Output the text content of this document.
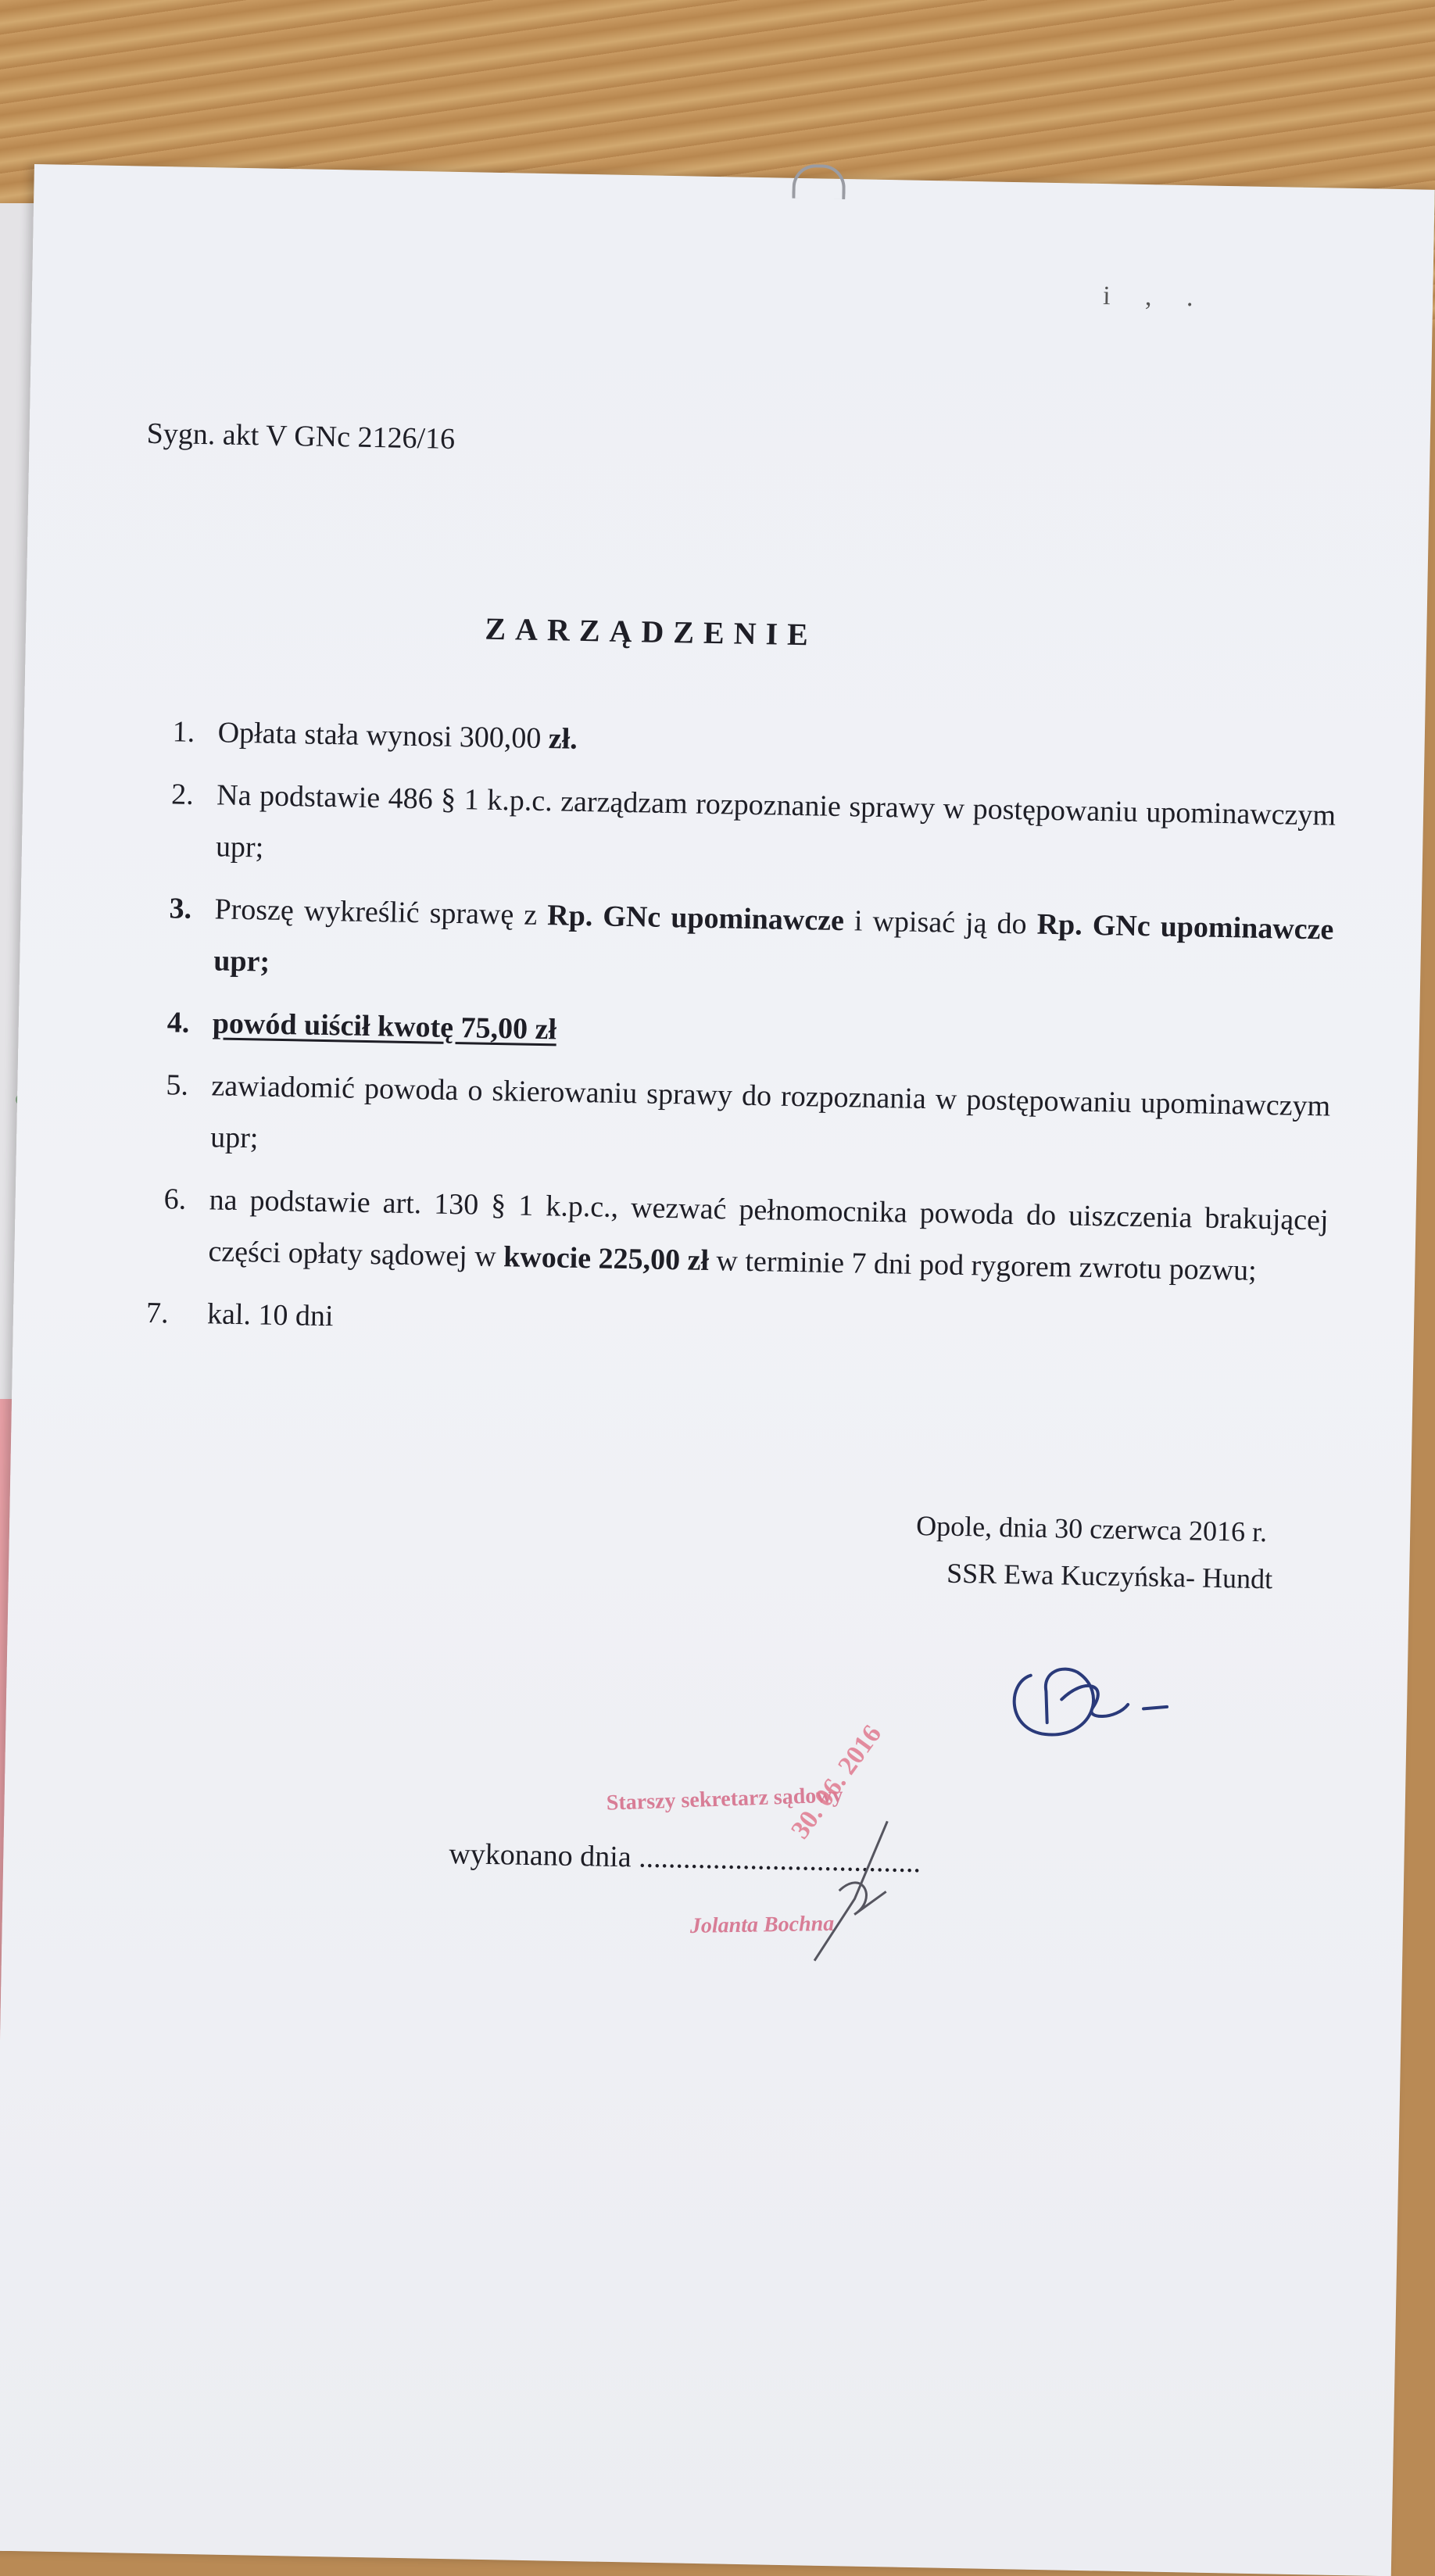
i , .
Sygn. akt V GNc 2126/16
ZARZĄDZENIE
1. Opłata stała wynosi 300,00 zł.
2. Na podstawie 486 § 1 k.p.c. zarządzam rozpoznanie sprawy w postępowaniu upominawczym upr;
3. Proszę wykreślić sprawę z Rp. GNc upominawcze i wpisać ją do Rp. GNc upominawcze upr;
4. powód uiścił kwotę 75,00 zł
5. zawiadomić powoda o skierowaniu sprawy do rozpoznania w postępowaniu upominawczym upr;
6. na podstawie art. 130 § 1 k.p.c., wezwać pełnomocnika powoda do uiszczenia brakującej części opłaty sądowej w kwocie 225,00 zł w terminie 7 dni pod rygorem zwrotu pozwu;
7. kal. 10 dni
Opole, dnia 30 czerwca 2016 r.
SSR Ewa Kuczyńska- Hundt
wykonano dnia ......................................
Starszy sekretarz sądowy
30. 06. 2016
Jolanta Bochna
